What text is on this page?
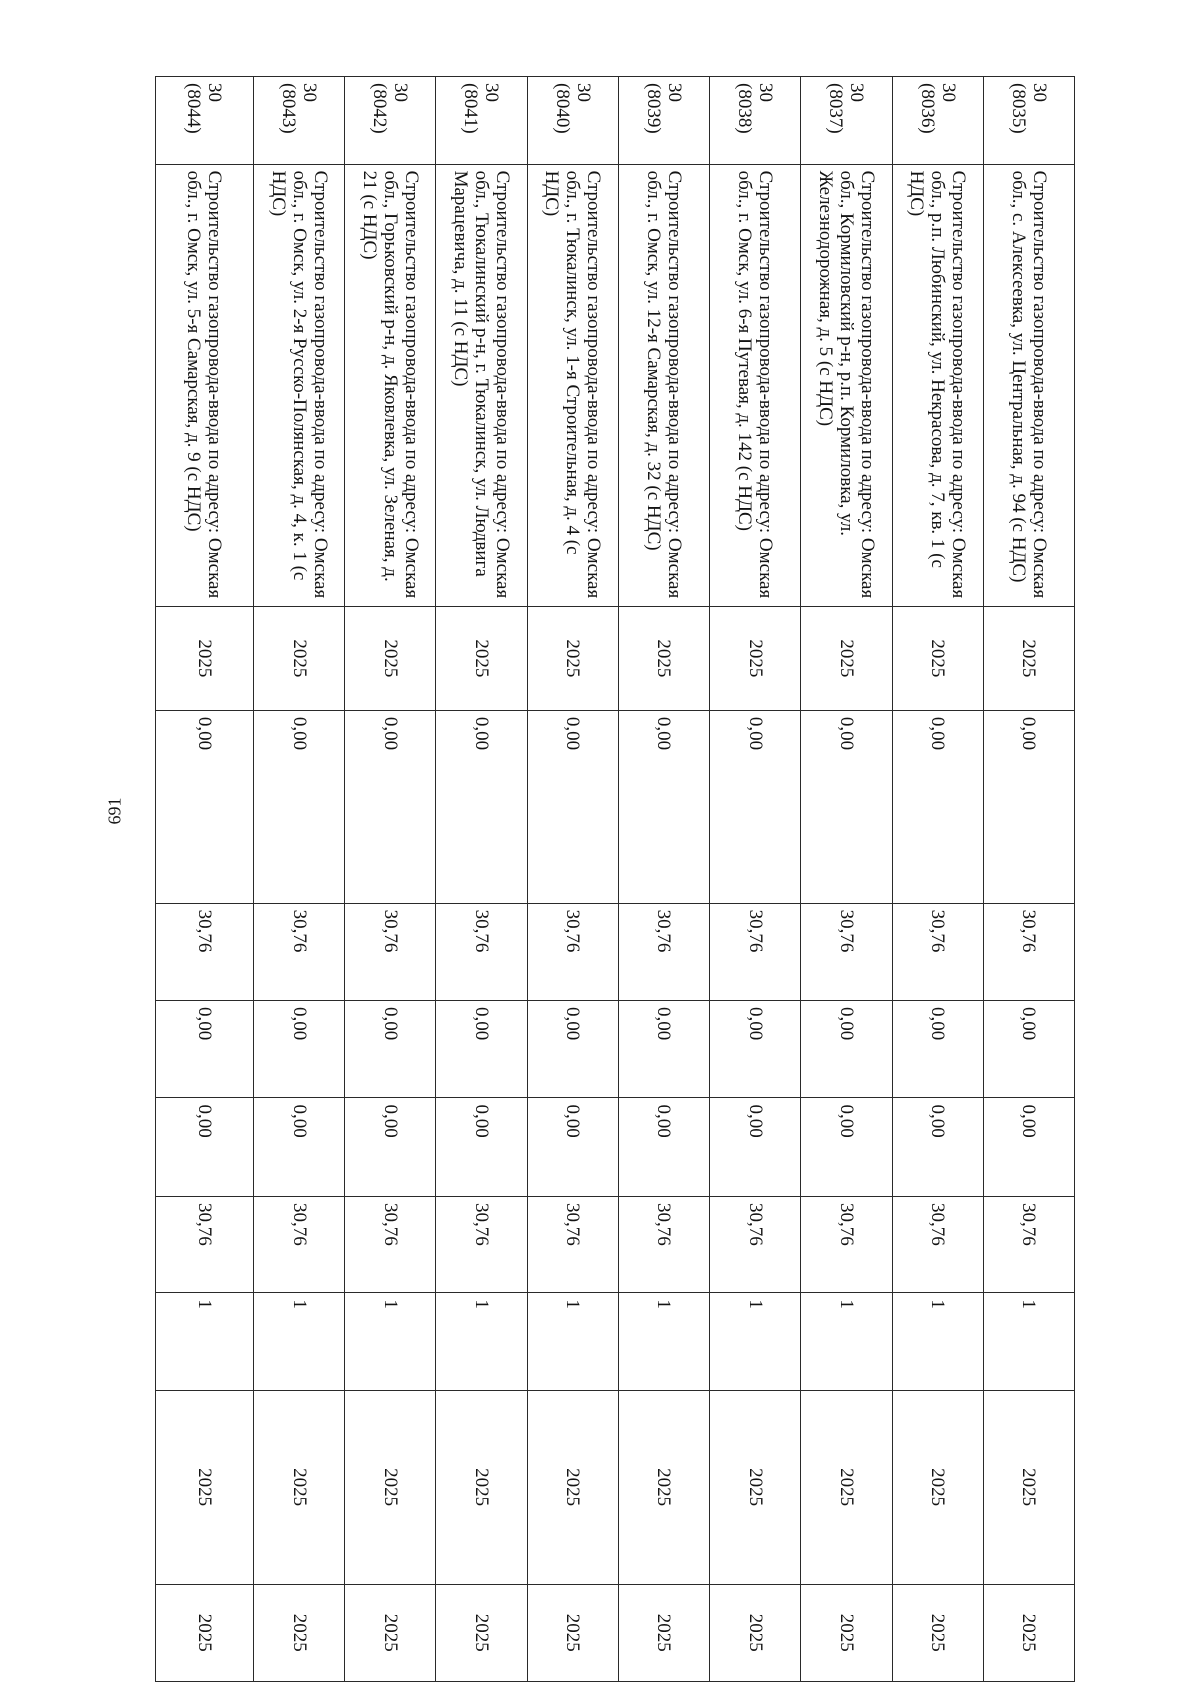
691
30
(8035)	Строительство газопровода-ввода по адресу: Омская обл., с. Алексеевка, ул. Центральная, д. 94 (с НДС)	2025	0,00	30,76	0,00	0,00	30,76	1	2025	2025

30
(8036)	Строительство газопровода-ввода по адресу: Омская обл., р.п. Любинский, ул. Некрасова, д. 7, кв. 1 (с НДС)	2025	0,00	30,76	0,00	0,00	30,76	1	2025	2025

30
(8037)	Строительство газопровода-ввода по адресу: Омская обл., Кормиловский р-н, р.п. Кормиловка, ул. Железнодорожная, д. 5 (с НДС)	2025	0,00	30,76	0,00	0,00	30,76	1	2025	2025

30
(8038)	Строительство газопровода-ввода по адресу: Омская обл., г. Омск, ул. 6-я Путевая, д. 142 (с НДС)	2025	0,00	30,76	0,00	0,00	30,76	1	2025	2025

30
(8039)	Строительство газопровода-ввода по адресу: Омская обл., г. Омск, ул. 12-я Самарская, д. 32 (с НДС)	2025	0,00	30,76	0,00	0,00	30,76	1	2025	2025

30
(8040)	Строительство газопровода-ввода по адресу: Омская обл., г. Тюкалинск, ул. 1-я Строительная, д. 4 (с НДС)	2025	0,00	30,76	0,00	0,00	30,76	1	2025	2025

30
(8041)	Строительство газопровода-ввода по адресу: Омская обл., Тюкалинский р-н, г. Тюкалинск, ул. Людвига Марацевича, д. 11 (с НДС)	2025	0,00	30,76	0,00	0,00	30,76	1	2025	2025

30
(8042)	Строительство газопровода-ввода по адресу: Омская обл., Горьковский р-н, д. Яковлевка, ул. Зеленая, д. 21 (с НДС)	2025	0,00	30,76	0,00	0,00	30,76	1	2025	2025

30
(8043)	Строительство газопровода-ввода по адресу: Омская обл., г. Омск, ул. 2-я Русско-Полянская, д. 4, к. 1 (с НДС)	2025	0,00	30,76	0,00	0,00	30,76	1	2025	2025

30
(8044)	Строительство газопровода-ввода по адресу: Омская обл., г. Омск, ул. 5-я Самарская, д. 9 (с НДС)	2025	0,00	30,76	0,00	0,00	30,76	1	2025	2025
